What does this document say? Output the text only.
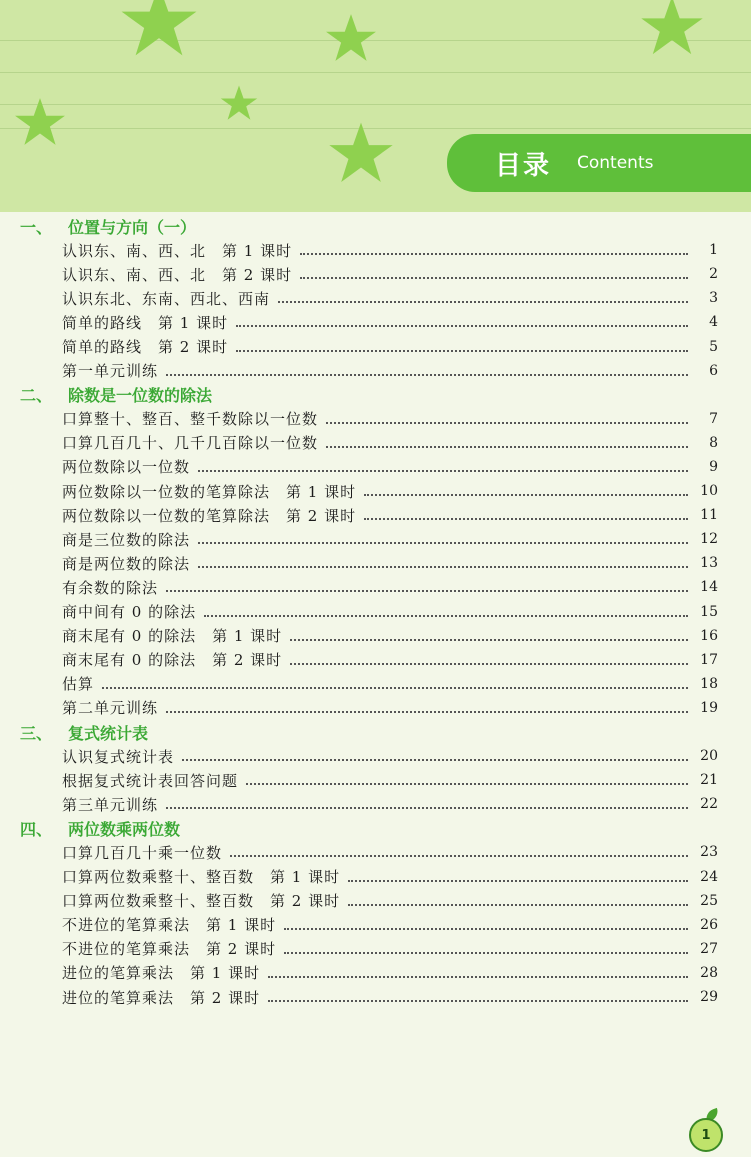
目录 Contents
一、 位置与方向（一）
认识东、南、西、北　第 1 课时	1
认识东、南、西、北　第 2 课时	2
认识东北、东南、西北、西南	3
简单的路线　第 1 课时	4
简单的路线　第 2 课时	5
第一单元训练	6
二、 除数是一位数的除法
口算整十、整百、整千数除以一位数	7
口算几百几十、几千几百除以一位数	8
两位数除以一位数	9
两位数除以一位数的笔算除法　第 1 课时	10
两位数除以一位数的笔算除法　第 2 课时	11
商是三位数的除法	12
商是两位数的除法	13
有余数的除法	14
商中间有 0 的除法	15
商末尾有 0 的除法　第 1 课时	16
商末尾有 0 的除法　第 2 课时	17
估算	18
第二单元训练	19
三、 复式统计表
认识复式统计表	20
根据复式统计表回答问题	21
第三单元训练	22
四、 两位数乘两位数
口算几百几十乘一位数	23
口算两位数乘整十、整百数　第 1 课时	24
口算两位数乘整十、整百数　第 2 课时	25
不进位的笔算乘法　第 1 课时	26
不进位的笔算乘法　第 2 课时	27
进位的笔算乘法　第 1 课时	28
进位的笔算乘法　第 2 课时	29
1
